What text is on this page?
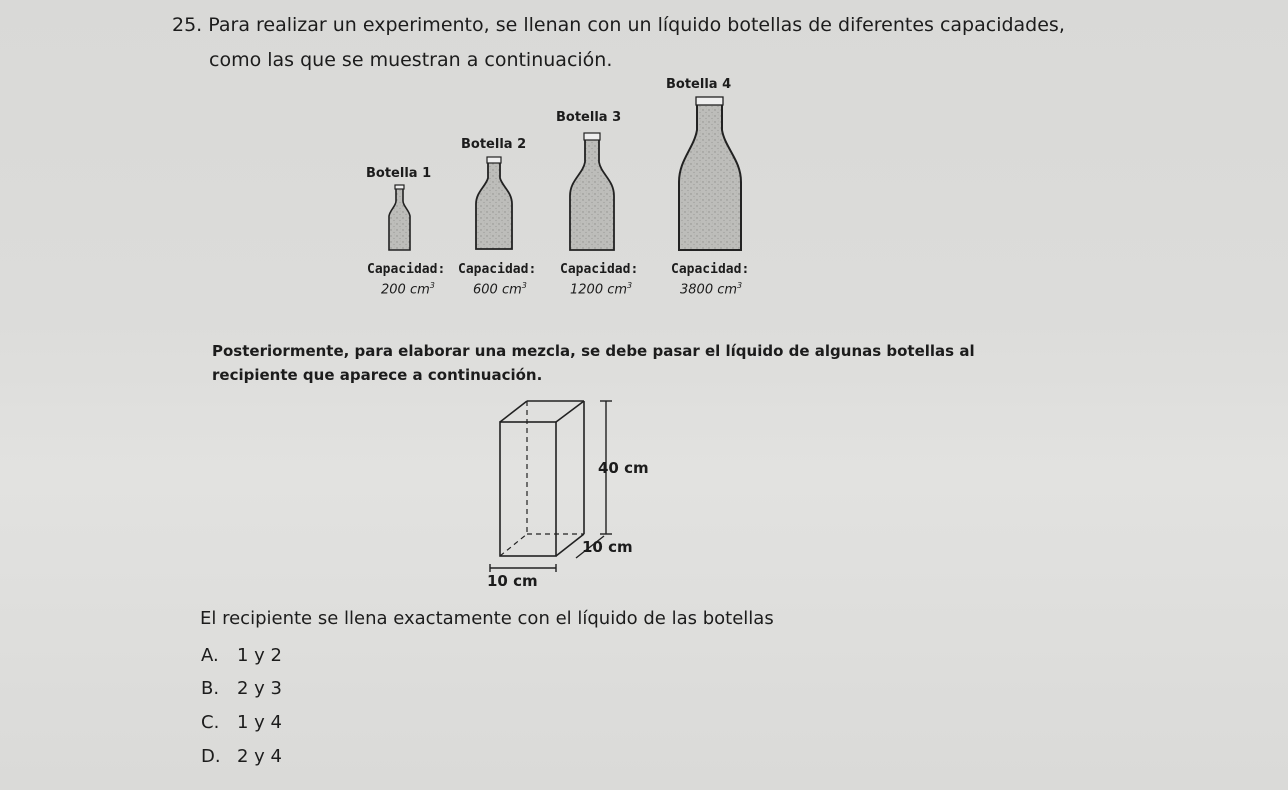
25. Para realizar un experimento, se llenan con un líquido botellas de diferentes capacidades,
como las que se muestran a continuación.
Botella 1
Botella 2
Botella 3
Botella 4
Capacidad: Capacidad: Capacidad:	Capacidad:
200 $cm^3$	600 $cm^3$	1200 $cm^3$	3800 $cm^3$
Posteriormente, para elaborar una mezcla, se debe pasar el líquido de algunas botellas al
recipiente que aparece a continuación.
40 cm
10 cm
10 cm
El recipiente se llena exactamente con el líquido de las botellas
A. 1 y 2
B. 2 y 3
C. 1 y 4
D. 2 y 4
